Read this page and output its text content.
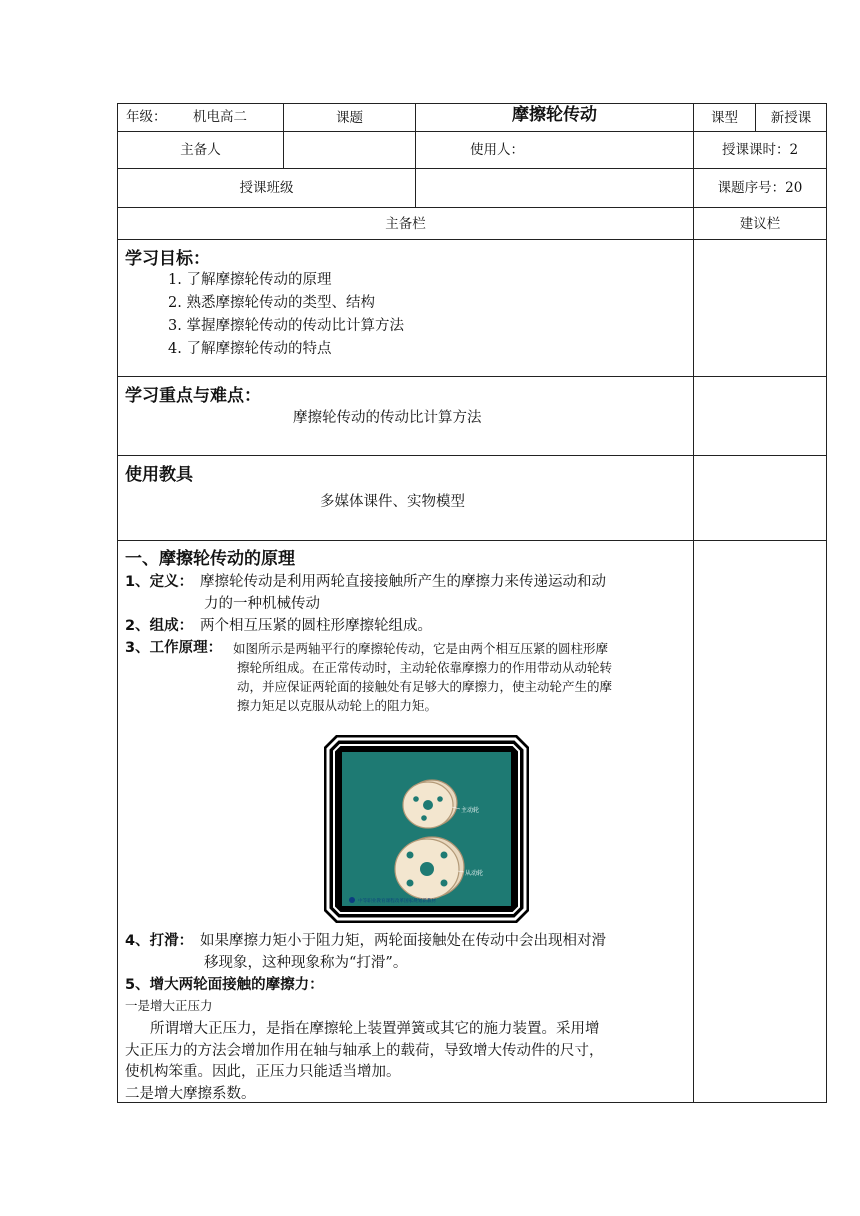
年级： 机电高二	课题	摩擦轮传动	课型	新授课
主备人	使用人：	授课课时：2
授课班级	课题序号：20
主备栏	建议栏
学习目标：
1. 了解摩擦轮传动的原理
2. 熟悉摩擦轮传动的类型、结构
3. 掌握摩擦轮传动的传动比计算方法
4. 了解摩擦轮传动的特点
学习重点与难点：
摩擦轮传动的传动比计算方法
使用教具
多媒体课件、实物模型
一、摩擦轮传动的原理
1、定义： 摩擦轮传动是利用两轮直接接触所产生的摩擦力来传递运动和动
力的一种机械传动
2、组成： 两个相互压紧的圆柱形摩擦轮组成。
3、工作原理： 如图所示是两轴平行的摩擦轮传动，它是由两个相互压紧的圆柱形摩
擦轮所组成。在正常传动时，主动轮依靠摩擦力的作用带动从动轮转
动，并应保证两轮面的接触处有足够大的摩擦力，使主动轮产生的摩
擦力矩足以克服从动轮上的阻力矩。
主动轮
从动轮
中等职业教育课程改革国家规划新教材
4、打滑： 如果摩擦力矩小于阻力矩，两轮面接触处在传动中会出现相对滑
移现象，这种现象称为“打滑”。
5、增大两轮面接触的摩擦力：
一是增大正压力
所谓增大正压力，是指在摩擦轮上装置弹簧或其它的施力装置。采用增
大正压力的方法会增加作用在轴与轴承上的载荷，导致增大传动件的尺寸，
使机构笨重。因此，正压力只能适当增加。
二是增大摩擦系数。
